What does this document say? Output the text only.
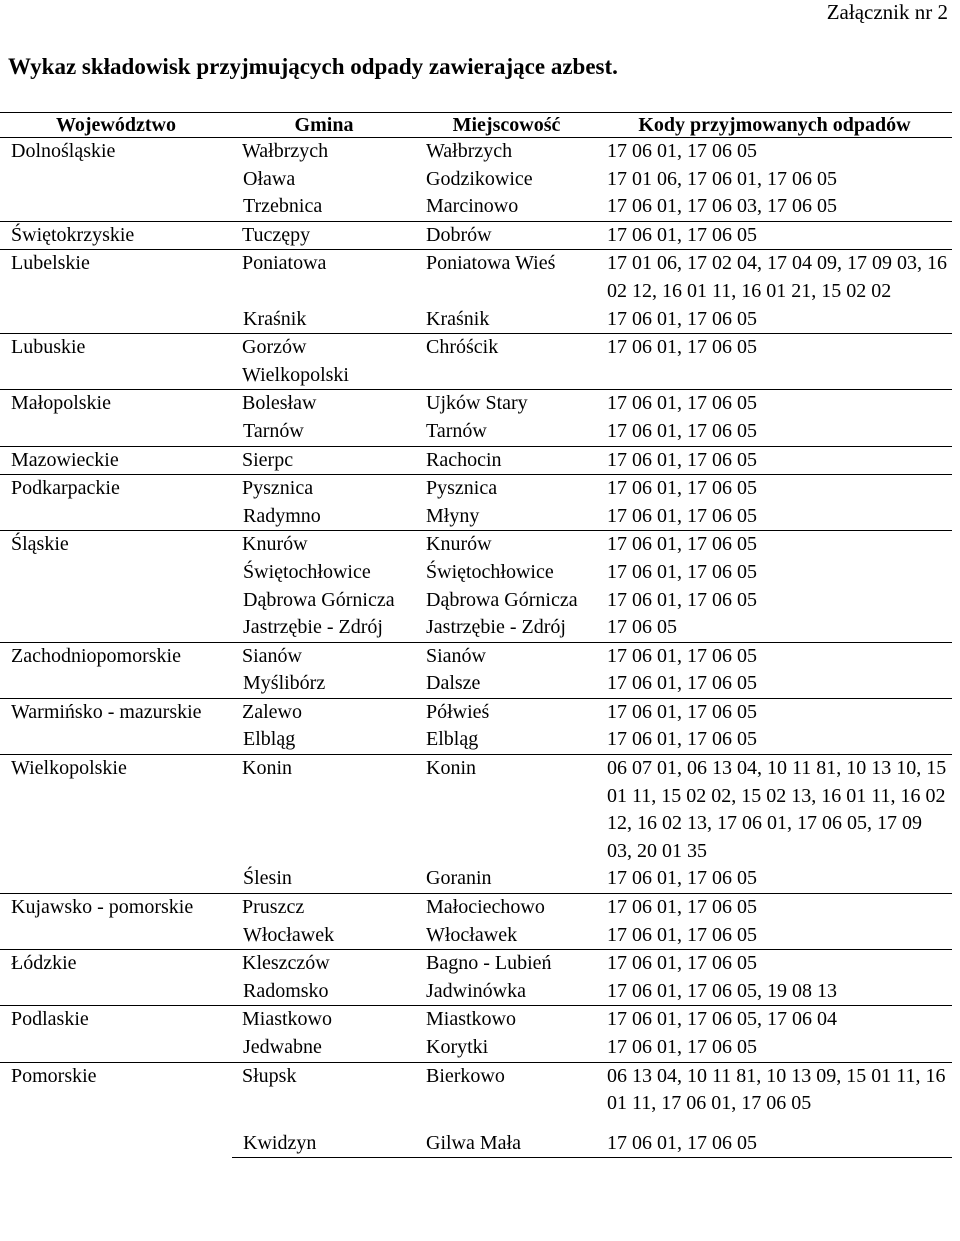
Załącznik nr 2
Wykaz składowisk przyjmujących odpady zawierające azbest.
Województwo	Gmina	Miejscowość	Kody przyjmowanych odpadów
Dolnośląskie	Wałbrzych	Wałbrzych	17 06 01, 17 06 05
	Oława	Godzikowice	17 01 06, 17 06 01, 17 06 05
	Trzebnica	Marcinowo	17 06 01, 17 06 03, 17 06 05
Świętokrzyskie	Tuczępy	Dobrów	17 06 01, 17 06 05
Lubelskie	Poniatowa	Poniatowa Wieś	17 01 06, 17 02 04, 17 04 09, 17 09 03, 16 02 12, 16 01 11, 16 01 21, 15 02 02
	Kraśnik	Kraśnik	17 06 01, 17 06 05
Lubuskie	Gorzów Wielkopolski	Chróścik	17 06 01, 17 06 05
Małopolskie	Bolesław	Ujków Stary	17 06 01, 17 06 05
	Tarnów	Tarnów	17 06 01, 17 06 05
Mazowieckie	Sierpc	Rachocin	17 06 01, 17 06 05
Podkarpackie	Pysznica	Pysznica	17 06 01, 17 06 05
	Radymno	Młyny	17 06 01, 17 06 05
Śląskie	Knurów	Knurów	17 06 01, 17 06 05
	Świętochłowice	Świętochłowice	17 06 01, 17 06 05
	Dąbrowa Górnicza	Dąbrowa Górnicza	17 06 01, 17 06 05
	Jastrzębie - Zdrój	Jastrzębie - Zdrój	17 06 05
Zachodniopomorskie	Sianów	Sianów	17 06 01, 17 06 05
	Myślibórz	Dalsze	17 06 01, 17 06 05
Warmińsko - mazurskie	Zalewo	Półwieś	17 06 01, 17 06 05
	Elbląg	Elbląg	17 06 01, 17 06 05
Wielkopolskie	Konin	Konin	06 07 01, 06 13 04, 10 11 81, 10 13 10, 15 01 11, 15 02 02, 15 02 13, 16 01 11, 16 02 12, 16 02 13, 17 06 01, 17 06 05, 17 09 03, 20 01 35
	Ślesin	Goranin	17 06 01, 17 06 05
Kujawsko - pomorskie	Pruszcz	Małociechowo	17 06 01, 17 06 05
	Włocławek	Włocławek	17 06 01, 17 06 05
Łódzkie	Kleszczów	Bagno - Lubień	17 06 01, 17 06 05
	Radomsko	Jadwinówka	17 06 01, 17 06 05, 19 08 13
Podlaskie	Miastkowo	Miastkowo	17 06 01, 17 06 05, 17 06 04
	Jedwabne	Korytki	17 06 01, 17 06 05
Pomorskie	Słupsk	Bierkowo	06 13 04, 10 11 81, 10 13 09, 15 01 11, 16 01 11, 17 06 01, 17 06 05
	Kwidzyn	Gilwa Mała	17 06 01, 17 06 05
